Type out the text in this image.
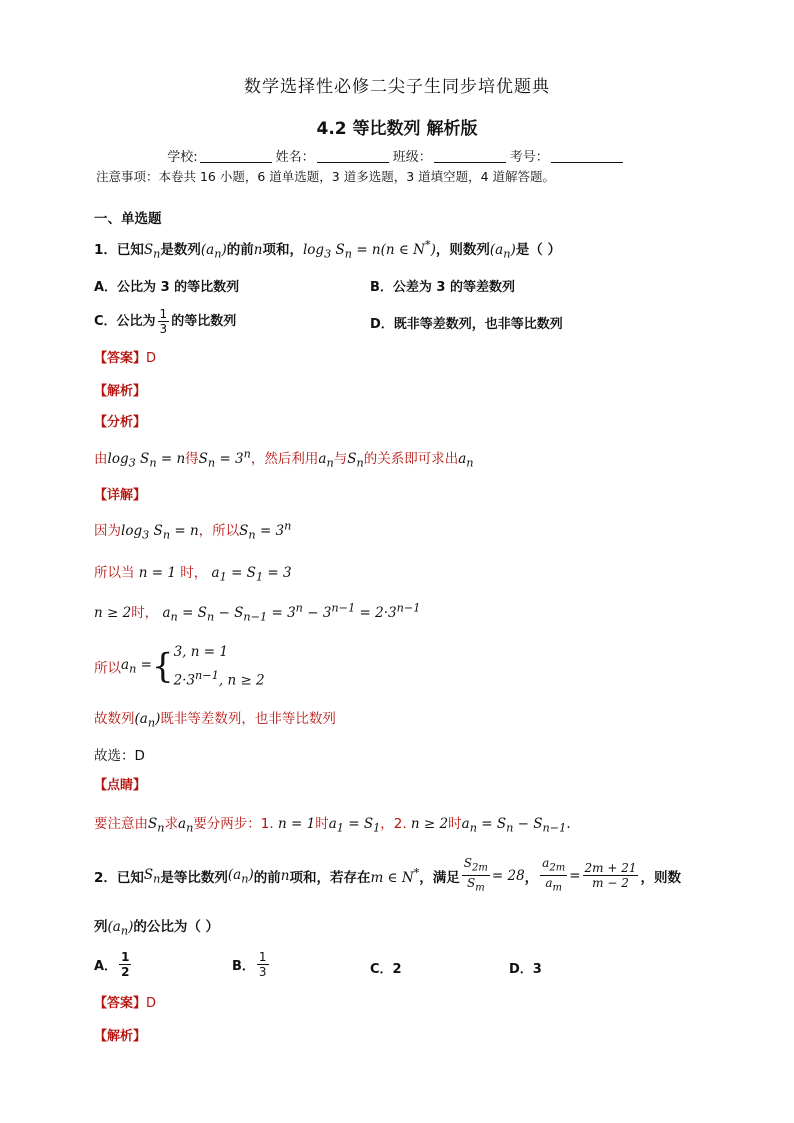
数学选择性必修二尖子生同步培优题典
4.2 等比数列 解析版
学校:	姓名：	班级：	考号：
注意事项：本卷共 16 小题，6 道单选题，3 道多选题，3 道填空题，4 道解答题。
一、单选题
1．已知$S_n$是数列$(a_n)$的前n项和，$\log_3 S_n = n(n$ ∈ N*)，则数列$(a_n)$是（ ）
A．公比为 3 的等比数列	B．公差为 3 的等差数列
C．公比为 $\frac{1}{3}$ 的等比数列	D．既非等差数列，也非等比数列
【答案】D
【解析】
【分析】
由$\log_3 S_n = n$得$S_n = 3^n$，然后利用$a_n$与$S_n$的关系即可求出$a_n$
【详解】
因为$\log_3 S_n = n$，所以$S_n = 3^n$
所以当 n = 1 时， $a_1 = S_1 = 3$
n ≥ 2时， $a_n = S_n - S_{n-1} = 3^n - 3^{n-1} = 2\cdot 3^{n-1}$
所以$a_n =\{3$, n = 1
$2\cdot 3^{n-1}$, n ≥ 2
故数列$(a_n)$既非等差数列，也非等比数列
故选：D
【点睛】
要注意由$S_n$求$a_n$要分两步：1. n = 1时$a_1 = S_1$，2. n ≥ 2时$a_n = S_n - S_{n-1}$.
2．已知$S_n$是等比数列$(a_n)$的前n项和，若存在m ∈ N*，满足 $\frac{S_{2m}}{S_m} = 28$， $\frac{a_{2m}}{a_m} = \frac{2m + 21}{m - 2}$ ，则数
列$(a_n)$的公比为（ ）
A． $\frac{1}{2}$	B． $\frac{1}{3}$	C．2	D．3
【答案】D
【解析】
